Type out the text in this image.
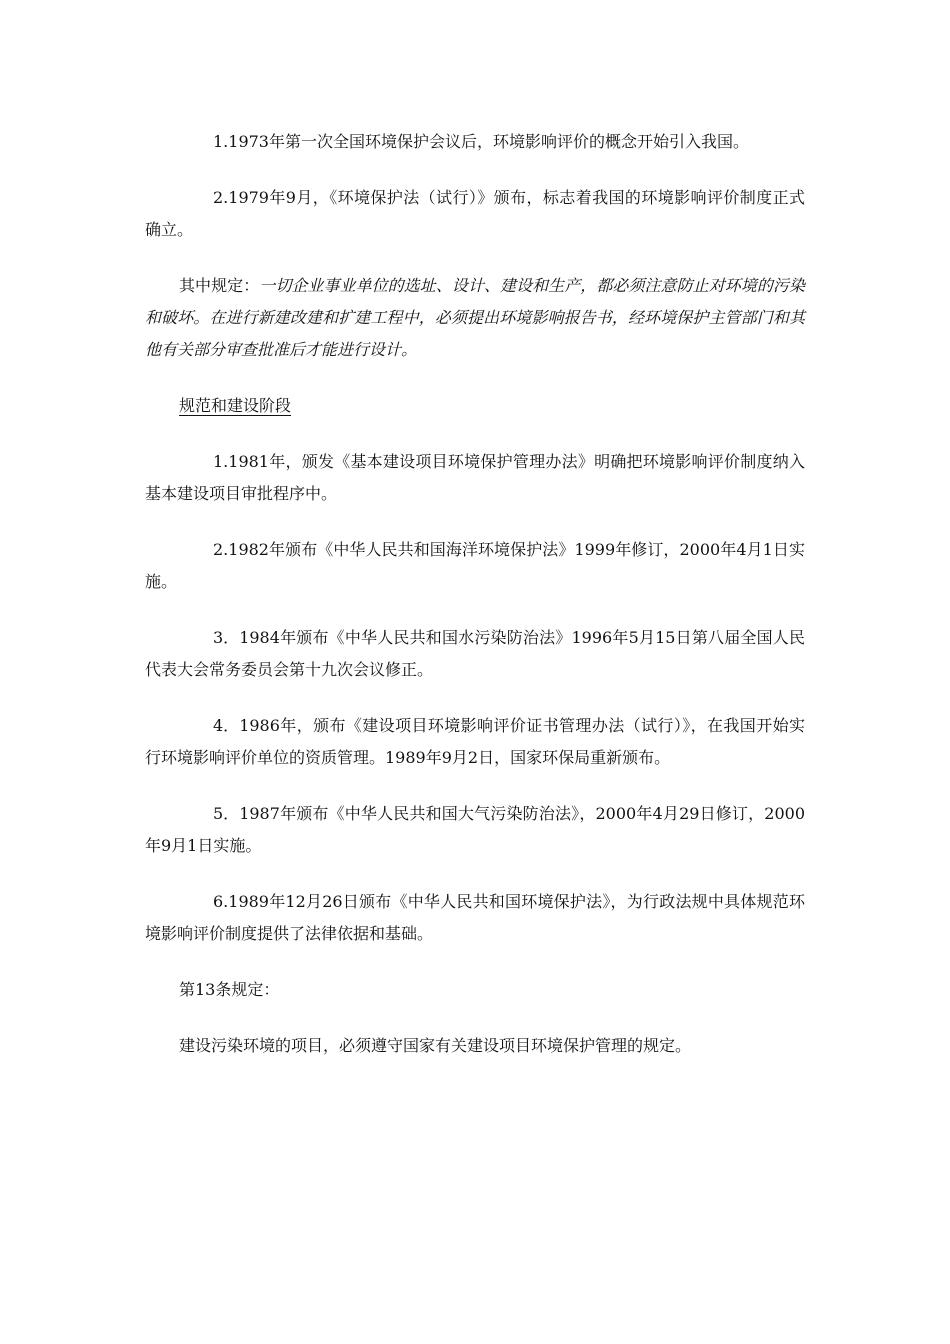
1.1973年第一次全国环境保护会议后，环境影响评价的概念开始引入我国。

2.1979年9月，《环境保护法（试行）》颁布，标志着我国的环境影响评价制度正式确立。

其中规定：一切企业事业单位的选址、设计、建设和生产，都必须注意防止对环境的污染和破坏。在进行新建改建和扩建工程中，必须提出环境影响报告书，经环境保护主管部门和其他有关部分审查批准后才能进行设计。

规范和建设阶段

1.1981年，颁发《基本建设项目环境保护管理办法》明确把环境影响评价制度纳入基本建设项目审批程序中。

2.1982年颁布《中华人民共和国海洋环境保护法》1999年修订，2000年4月1日实施。

3．1984年颁布《中华人民共和国水污染防治法》1996年5月15日第八届全国人民代表大会常务委员会第十九次会议修正。

4．1986年，颁布《建设项目环境影响评价证书管理办法（试行）》，在我国开始实行环境影响评价单位的资质管理。1989年9月2日，国家环保局重新颁布。

5．1987年颁布《中华人民共和国大气污染防治法》，2000年4月29日修订，2000年9月1日实施。

6.1989年12月26日颁布《中华人民共和国环境保护法》，为行政法规中具体规范环境影响评价制度提供了法律依据和基础。

第13条规定：

建设污染环境的项目，必须遵守国家有关建设项目环境保护管理的规定。
